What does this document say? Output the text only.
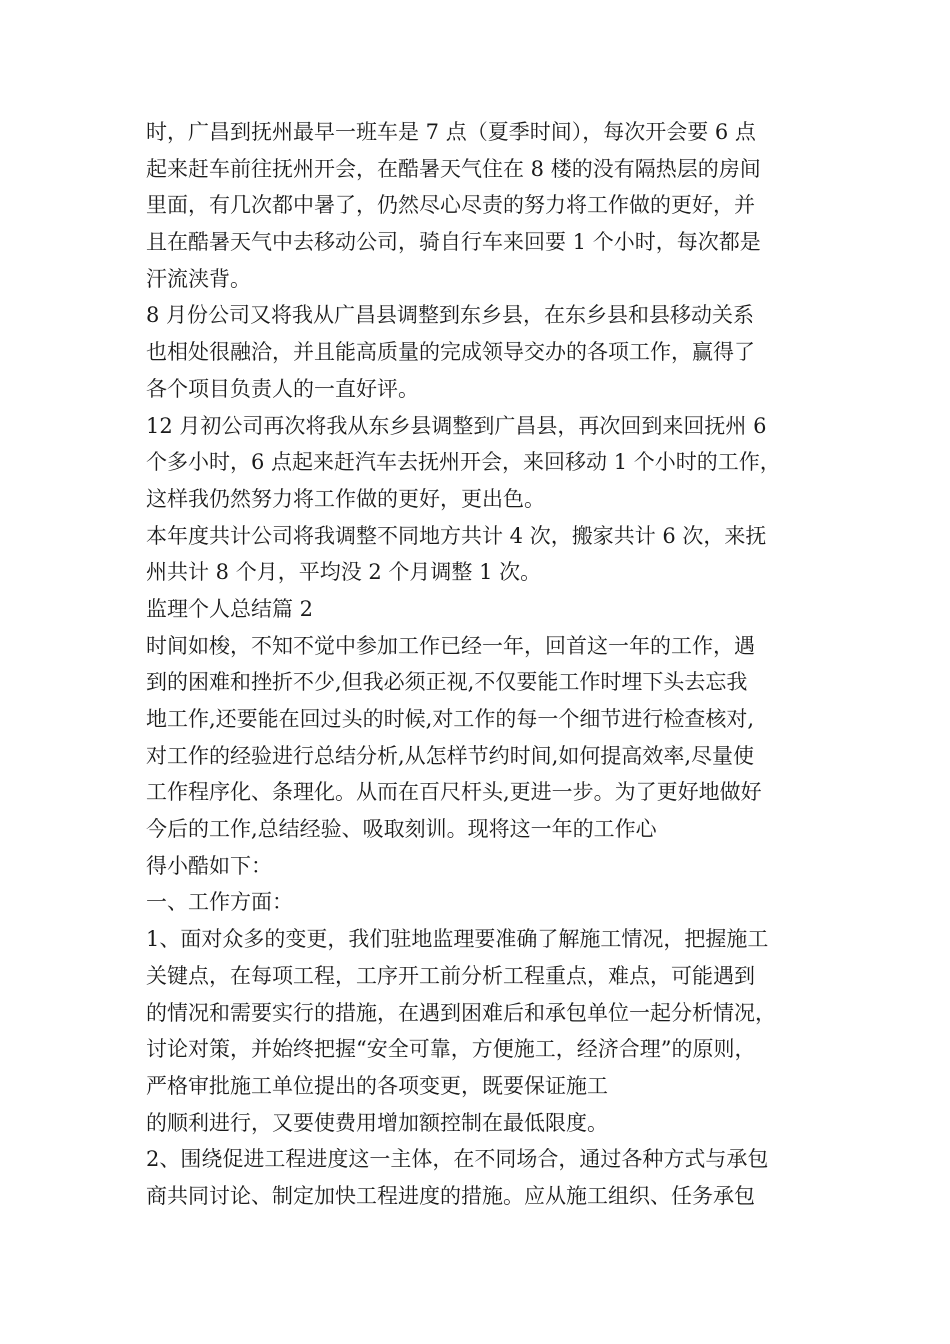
时，广昌到抚州最早一班车是 7 点（夏季时间），每次开会要 6 点
起来赶车前往抚州开会，在酷暑天气住在 8 楼的没有隔热层的房间
里面，有几次都中暑了，仍然尽心尽责的努力将工作做的更好，并
且在酷暑天气中去移动公司，骑自行车来回要 1 个小时，每次都是
汗流浃背。
8 月份公司又将我从广昌县调整到东乡县，在东乡县和县移动关系
也相处很融洽，并且能高质量的完成领导交办的各项工作，赢得了
各个项目负责人的一直好评。
12 月初公司再次将我从东乡县调整到广昌县，再次回到来回抚州 6
个多小时，6 点起来赶汽车去抚州开会，来回移动 1 个小时的工作，
这样我仍然努力将工作做的更好，更出色。
本年度共计公司将我调整不同地方共计 4 次，搬家共计 6 次，来抚
州共计 8 个月，平均没 2 个月调整 1 次。
监理个人总结篇 2
时间如梭，不知不觉中参加工作已经一年，回首这一年的工作，遇
到的困难和挫折不少,但我必须正视,不仅要能工作时埋下头去忘我
地工作,还要能在回过头的时候,对工作的每一个细节进行检查核对,
对工作的经验进行总结分析,从怎样节约时间,如何提高效率,尽量使
工作程序化、条理化。从而在百尺杆头,更进一步。为了更好地做好
今后的工作,总结经验、吸取刻训。现将这一年的工作心
得小酷如下：
一、工作方面：
1、面对众多的变更，我们驻地监理要准确了解施工情况，把握施工
关键点，在每项工程，工序开工前分析工程重点，难点，可能遇到
的情况和需要实行的措施，在遇到困难后和承包单位一起分析情况，
讨论对策，并始终把握“安全可靠，方便施工，经济合理”的原则，
严格审批施工单位提出的各项变更，既要保证施工
的顺利进行，又要使费用增加额控制在最低限度。
2、围绕促进工程进度这一主体，在不同场合，通过各种方式与承包
商共同讨论、制定加快工程进度的措施。应从施工组织、任务承包
